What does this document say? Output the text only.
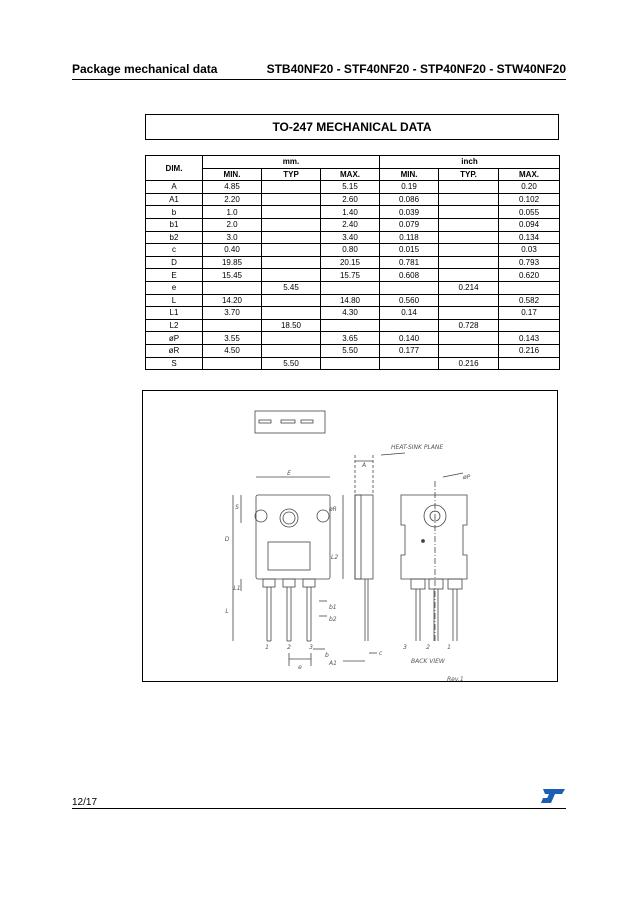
Package mechanical data	STB40NF20 - STF40NF20 - STP40NF20 - STW40NF20
TO-247 MECHANICAL DATA
DIM.	mm.			inch		
	MIN.	TYP	MAX.	MIN.	TYP.	MAX.
A	4.85		5.15	0.19		0.20
A1	2.20		2.60	0.086		0.102
b	1.0		1.40	0.039		0.055
b1	2.0		2.40	0.079		0.094
b2	3.0		3.40	0.118		0.134
c	0.40		0.80	0.015		0.03
D	19.85		20.15	0.781		0.793
E	15.45		15.75	0.608		0.620
e		5.45			0.214	
L	14.20		14.80	0.560		0.582
L1	3.70		4.30	0.14		0.17
L2		18.50			0.728	
øP	3.55		3.65	0.140		0.143
øR	4.50		5.50	0.177		0.216
S		5.50			0.216	
E
A
S	øR
øP
D
L2
L1
L
b1
b2
b	c
e
A1
1	2	3	3	2	1
HEAT-SINK PLANE
BACK VIEW
Rev.1
12/17
